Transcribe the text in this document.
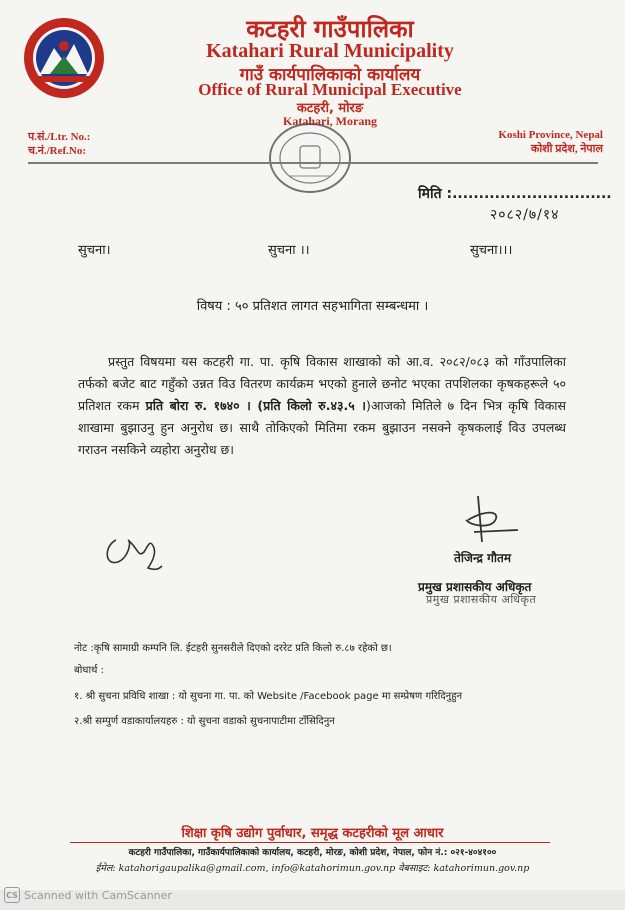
कटहरी गाउँपालिका
Katahari Rural Municipality
गाउँ कार्यपालिकाको कार्यालय
Office of Rural Municipal Executive
कटहरी, मोरङ
Katahari, Morang
प.सं./Ltr. No.:
च.नं./Ref.No:
Koshi Province, Nepal
कोशी प्रदेश, नेपाल
मिति :..............................
२०८२/७/१४
सुचना।	सुचना ।।	सुचना।।।
विषय : ५० प्रतिशत लागत सहभागिता सम्बन्धमा ।

प्रस्तुत विषयमा यस कटहरी गा. पा. कृषि विकास शाखाको को आ.व. २०८२/०८३ को गाँउपालिका तर्फको बजेट बाट गहुँको उन्नत विउ वितरण कार्यक्रम भएको हुनाले छनोट भएका तपशिलका कृषकहरूले ५० प्रतिशत रकम प्रति बोरा रु. १७४० । (प्रति किलो रु.४३.५ ।)आजको मितिले ७ दिन भित्र कृषि विकास शाखामा बुझाउनु हुन अनुरोध छ। साथै तोकिएको मितिमा रकम बुझाउन नसक्ने कृषकलाई विउ उपलब्ध गराउन नसकिने व्यहोरा अनुरोध छ।

तेजिन्द्र गौतम
प्रमुख प्रशासकीय अधिकृत
प्रमुख प्रशासकीय अधिकृत
नोट :कृषि सामाग्री कम्पनि लि. ईटहरी सुनसरीले दिएको दररेट प्रति किलो रु.८७ रहेको छ।
बोधार्थ :
१. श्री सुचना प्रविधि शाखा : यो सुचना गा. पा. को Website /Facebook page मा सम्प्रेषण गरिदिनुहुन
२.श्री सम्पुर्ण वडाकार्यालयहरु : यो सुचना वडाको सुचनापाटीमा टाँसिदिनुन
शिक्षा कृषि उद्योग पुर्वाधार, समृद्ध कटहरीको मूल आधार
कटहरी गाउँपालिका, गाउँकार्यपालिकाको कार्यालय, कटहरी, मोरङ, कोशी प्रदेश, नेपाल, फोन नं.: ०२१-४०४१००
ईमेल: katahorigaupalika@gmail.com, info@katahorimun.gov.np वेबसाइट: katahorimun.gov.np
CS Scanned with CamScanner
